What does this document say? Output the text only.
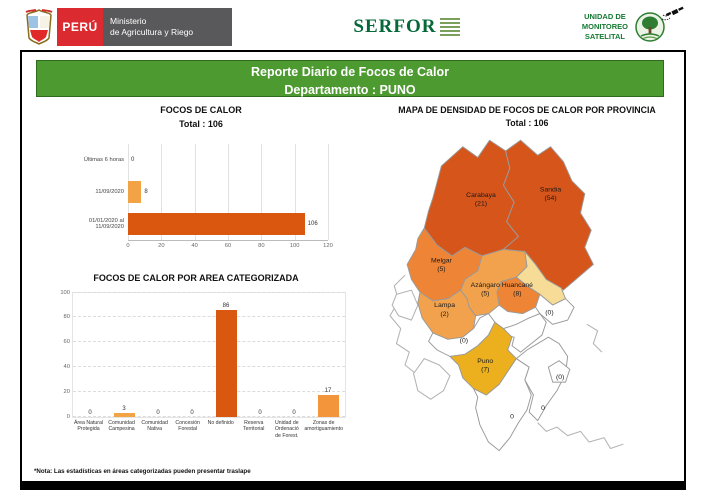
PERÚ Ministerio
de Agricultura y Riego	SERFOR	UNIDAD DE
MONITOREO
SATELITAL
Reporte Diario de Focos de Calor
Departamento : PUNO
FOCOS DE CALOR
Total : 106
Últimas 6 horas	0
11/09/2020	8
01/01/2020 al 11/09/2020	106
0	20	40	60	80	100	120
FOCOS DE CALOR POR AREA CATEGORIZADA
0
20
40
60
80
100
0
3
0	0
86
0	0
17
Área Natural Protegida
Comunidad Campesina
Comunidad Nativa
Concesión Forestal
No definido	Reserva Territorial
Unidad de Ordenació de Forest.
Zonas de amortiguamiento
MAPA DE DENSIDAD DE FOCOS DE CALOR POR PROVINCIA
Total : 106
Melgar
(5)
Lampa
(2)
(0)
0
Carabaya
(21)
Sandia
(54)
Azángaro
(5)
Huancané
(8)
(0)
Puno
(7)
0
(0)
*Nota: Las estadísticas en áreas categorizadas pueden presentar traslape
